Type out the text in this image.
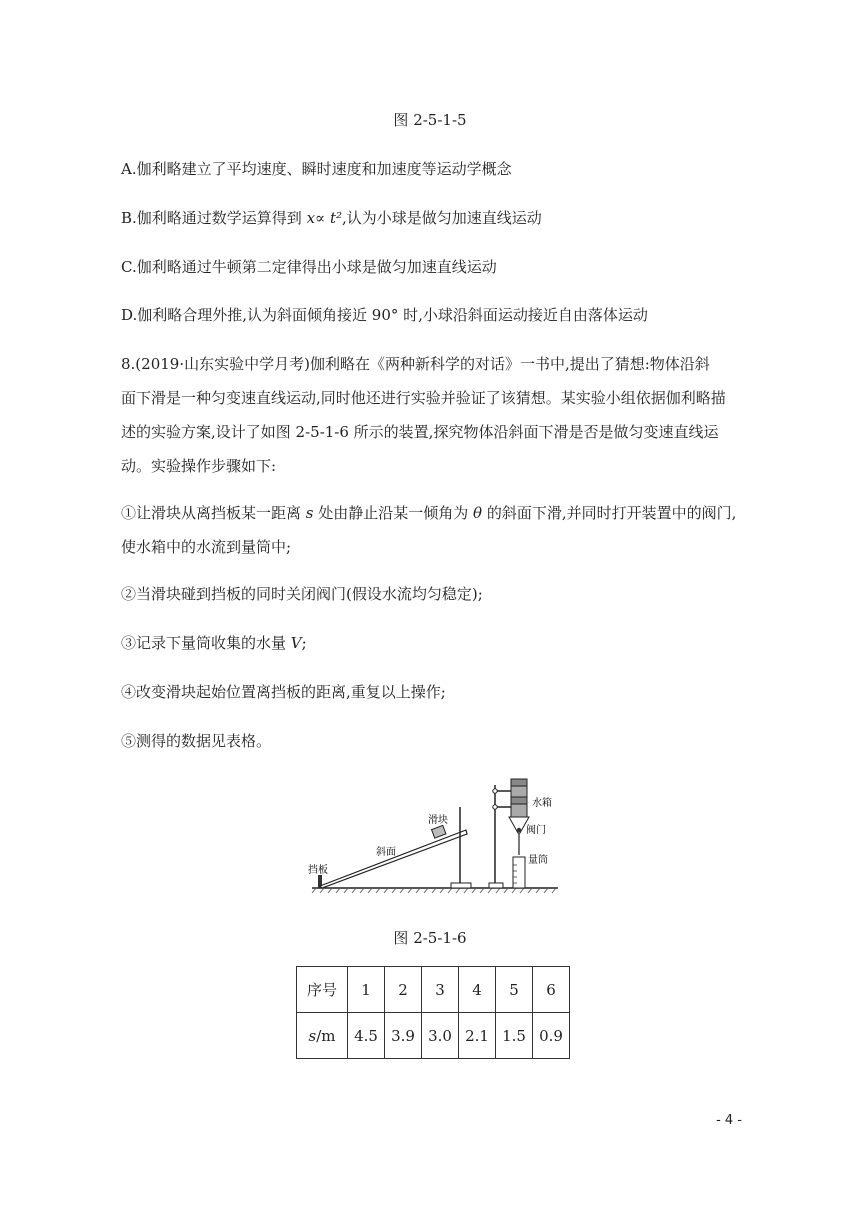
图 2-5-1-5
A.伽利略建立了平均速度、瞬时速度和加速度等运动学概念
B.伽利略通过数学运算得到 x∝ t²,认为小球是做匀加速直线运动
C.伽利略通过牛顿第二定律得出小球是做匀加速直线运动
D.伽利略合理外推,认为斜面倾角接近 90° 时,小球沿斜面运动接近自由落体运动
8.(2019·山东实验中学月考)伽利略在《两种新科学的对话》一书中,提出了猜想:物体沿斜
面下滑是一种匀变速直线运动,同时他还进行实验并验证了该猜想。某实验小组依据伽利略描
述的实验方案,设计了如图 2-5-1-6 所示的装置,探究物体沿斜面下滑是否是做匀变速直线运
动。实验操作步骤如下:
①让滑块从离挡板某一距离 s 处由静止沿某一倾角为 θ 的斜面下滑,并同时打开装置中的阀门,
使水箱中的水流到量筒中;
②当滑块碰到挡板的同时关闭阀门(假设水流均匀稳定);
③记录下量筒收集的水量 V;
④改变滑块起始位置离挡板的距离,重复以上操作;
⑤测得的数据见表格。
滑块
斜面
挡板
水箱
阀门
量筒
图 2-5-1-6
序号	1	2	3	4	5	6
s/m	4.5	3.9	3.0	2.1	1.5	0.9
- 4 -
